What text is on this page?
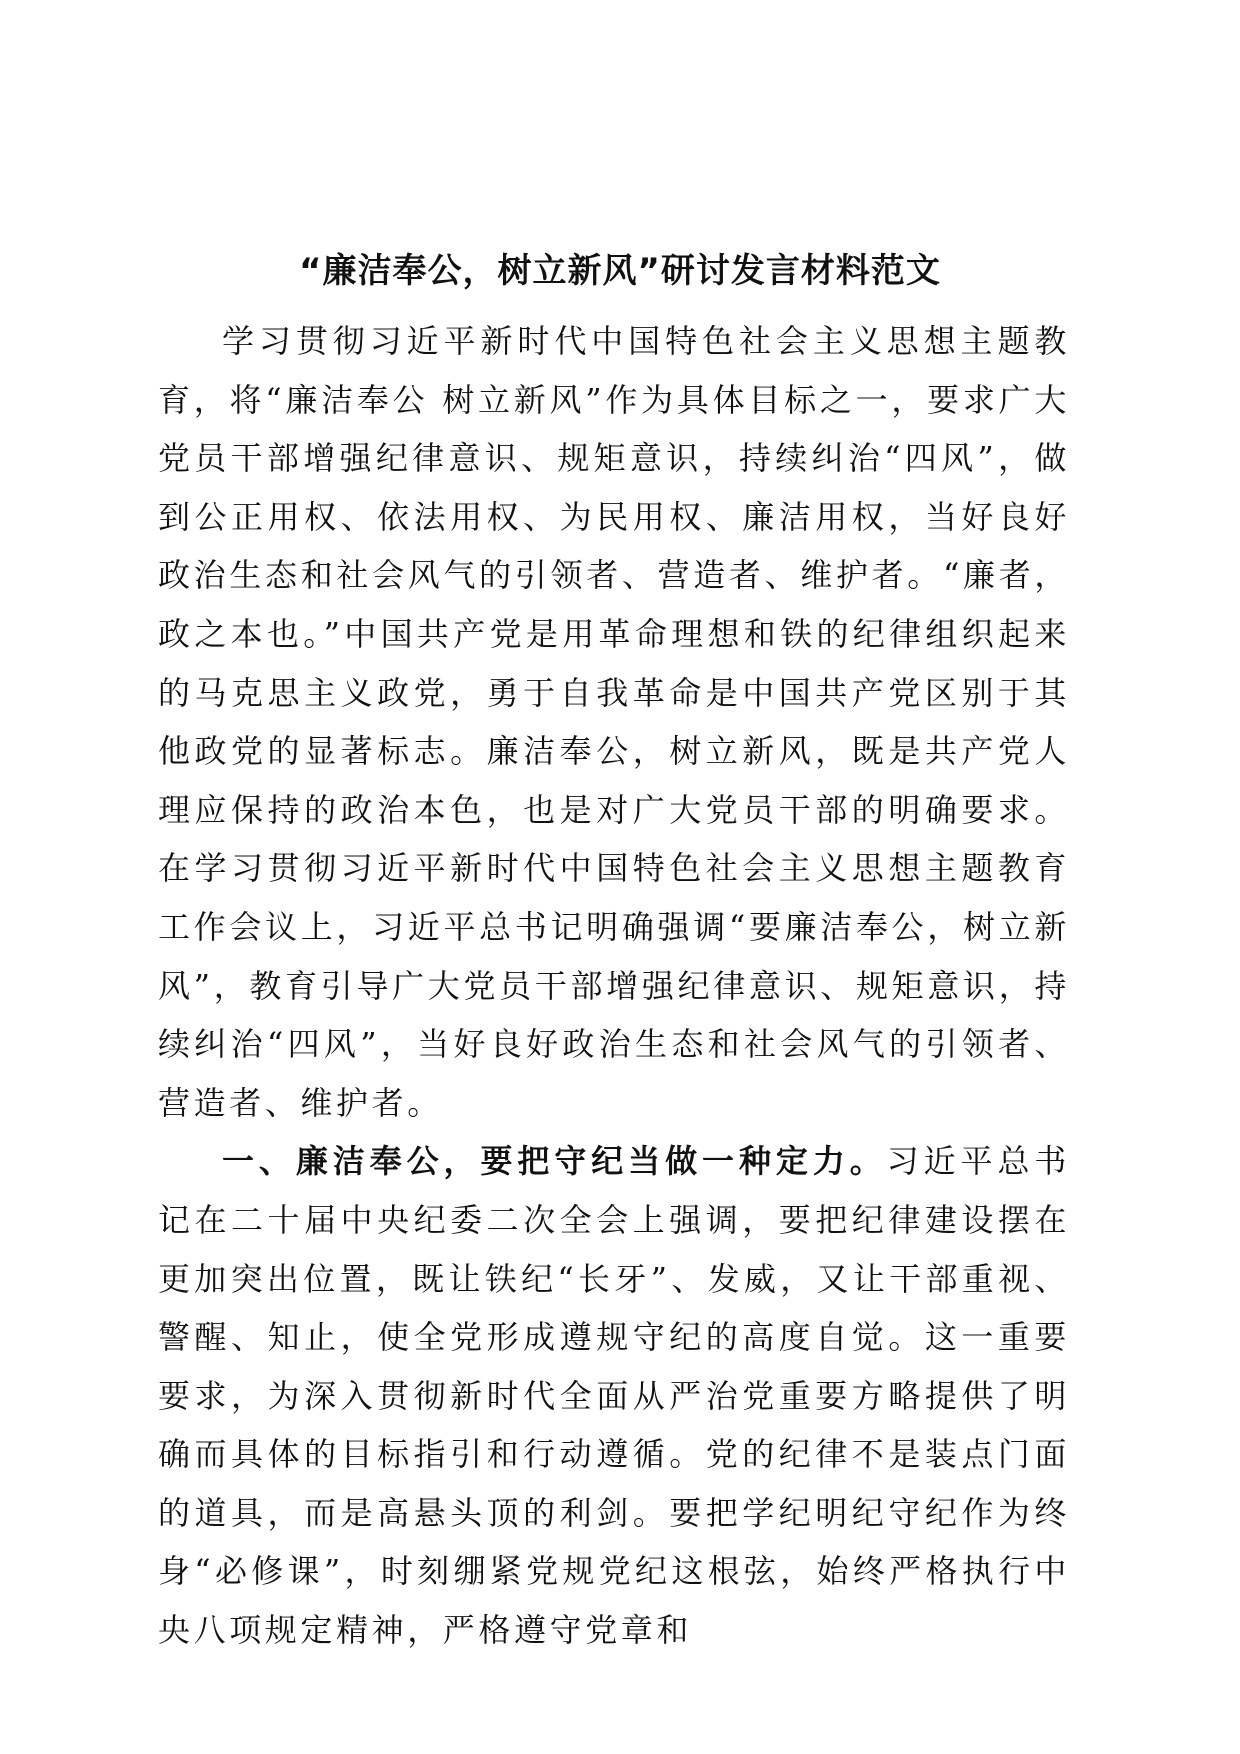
“廉洁奉公，树立新风”研讨发言材料范文

学习贯彻习近平新时代中国特色社会主义思想主题教育，将“廉洁奉公 树立新风”作为具体目标之一，要求广大党员干部增强纪律意识、规矩意识，持续纠治“四风”，做到公正用权、依法用权、为民用权、廉洁用权，当好良好政治生态和社会风气的引领者、营造者、维护者。“廉者，政之本也。”中国共产党是用革命理想和铁的纪律组织起来的马克思主义政党，勇于自我革命是中国共产党区别于其他政党的显著标志。廉洁奉公，树立新风，既是共产党人理应保持的政治本色，也是对广大党员干部的明确要求。在学习贯彻习近平新时代中国特色社会主义思想主题教育工作会议上，习近平总书记明确强调“要廉洁奉公，树立新风”，教育引导广大党员干部增强纪律意识、规矩意识，持续纠治“四风”，当好良好政治生态和社会风气的引领者、营造者、维护者。

一、廉洁奉公，要把守纪当做一种定力。习近平总书记在二十届中央纪委二次全会上强调，要把纪律建设摆在更加突出位置，既让铁纪“长牙”、发威，又让干部重视、警醒、知止，使全党形成遵规守纪的高度自觉。这一重要要求，为深入贯彻新时代全面从严治党重要方略提供了明确而具体的目标指引和行动遵循。党的纪律不是装点门面的道具，而是高悬头顶的利剑。要把学纪明纪守纪作为终身“必修课”，时刻绷紧党规党纪这根弦，始终严格执行中央八项规定精神，严格遵守党章和
